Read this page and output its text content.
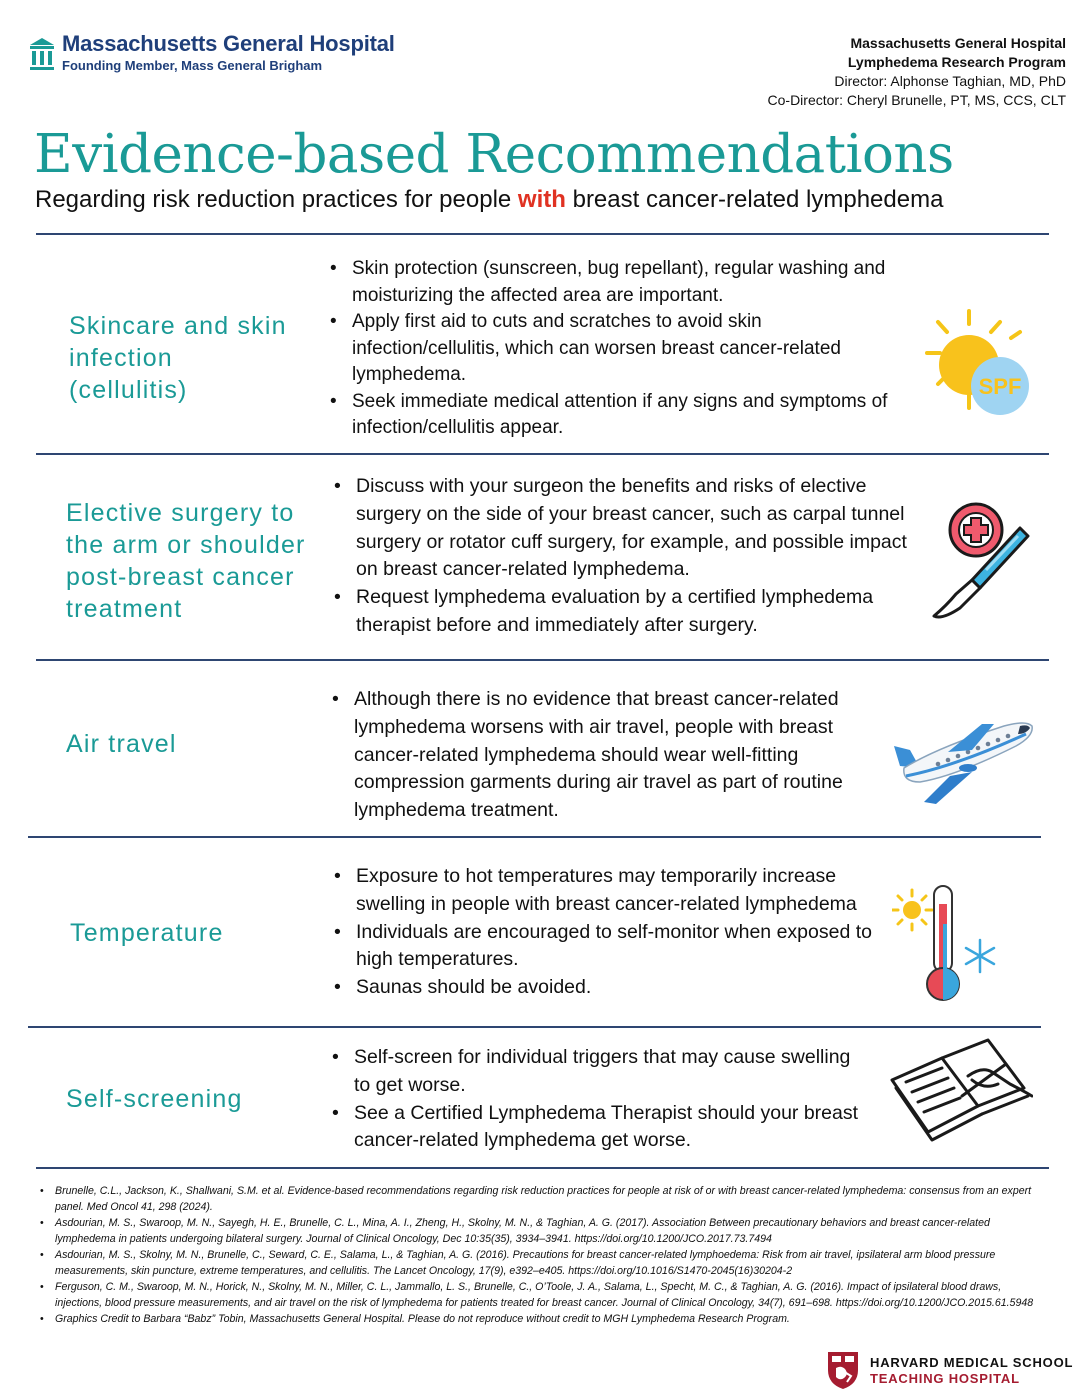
Massachusetts General Hospital
Founding Member, Mass General Brigham
Massachusetts General Hospital
Lymphedema Research Program
Director: Alphonse Taghian, MD, PhD
Co-Director: Cheryl Brunelle, PT, MS, CCS, CLT
Evidence-based Recommendations
Regarding risk reduction practices for people with breast cancer-related lymphedema
Skincare and skin infection (cellulitis)
• Skin protection (sunscreen, bug repellant), regular washing and moisturizing the affected area are important.
• Apply first aid to cuts and scratches to avoid skin infection/cellulitis, which can worsen breast cancer-related lymphedema.
• Seek immediate medical attention if any signs and symptoms of infection/cellulitis appear.
SPF
Elective surgery to the arm or shoulder post-breast cancer treatment
• Discuss with your surgeon the benefits and risks of elective surgery on the side of your breast cancer, such as carpal tunnel surgery or rotator cuff surgery, for example, and possible impact on breast cancer-related lymphedema.
• Request lymphedema evaluation by a certified lymphedema therapist before and immediately after surgery.
Air travel
• Although there is no evidence that breast cancer-related lymphedema worsens with air travel, people with breast cancer-related lymphedema should wear well-fitting compression garments during air travel as part of routine lymphedema treatment.
Temperature
• Exposure to hot temperatures may temporarily increase swelling in people with breast cancer-related lymphedema
• Individuals are encouraged to self-monitor when exposed to high temperatures.
• Saunas should be avoided.
Self-screening
• Self-screen for individual triggers that may cause swelling to get worse.
• See a Certified Lymphedema Therapist should your breast cancer-related lymphedema get worse.
• Brunelle, C.L., Jackson, K., Shallwani, S.M. et al. Evidence-based recommendations regarding risk reduction practices for people at risk of or with breast cancer-related lymphedema: consensus from an expert panel. Med Oncol 41, 298 (2024).
• Asdourian, M. S., Swaroop, M. N., Sayegh, H. E., Brunelle, C. L., Mina, A. I., Zheng, H., Skolny, M. N., & Taghian, A. G. (2017). Association Between precautionary behaviors and breast cancer-related lymphedema in patients undergoing bilateral surgery. Journal of Clinical Oncology, Dec 10:35(35), 3934–3941. https://doi.org/10.1200/JCO.2017.73.7494
• Asdourian, M. S., Skolny, M. N., Brunelle, C., Seward, C. E., Salama, L., & Taghian, A. G. (2016). Precautions for breast cancer-related lymphoedema: Risk from air travel, ipsilateral arm blood pressure measurements, skin puncture, extreme temperatures, and cellulitis. The Lancet Oncology, 17(9), e392–e405. https://doi.org/10.1016/S1470-2045(16)30204-2
• Ferguson, C. M., Swaroop, M. N., Horick, N., Skolny, M. N., Miller, C. L., Jammallo, L. S., Brunelle, C., O’Toole, J. A., Salama, L., Specht, M. C., & Taghian, A. G. (2016). Impact of ipsilateral blood draws, injections, blood pressure measurements, and air travel on the risk of lymphedema for patients treated for breast cancer. Journal of Clinical Oncology, 34(7), 691–698. https://doi.org/10.1200/JCO.2015.61.5948
• Graphics Credit to Barbara “Babz” Tobin, Massachusetts General Hospital. Please do not reproduce without credit to MGH Lymphedema Research Program.
HARVARD MEDICAL SCHOOL
TEACHING HOSPITAL
